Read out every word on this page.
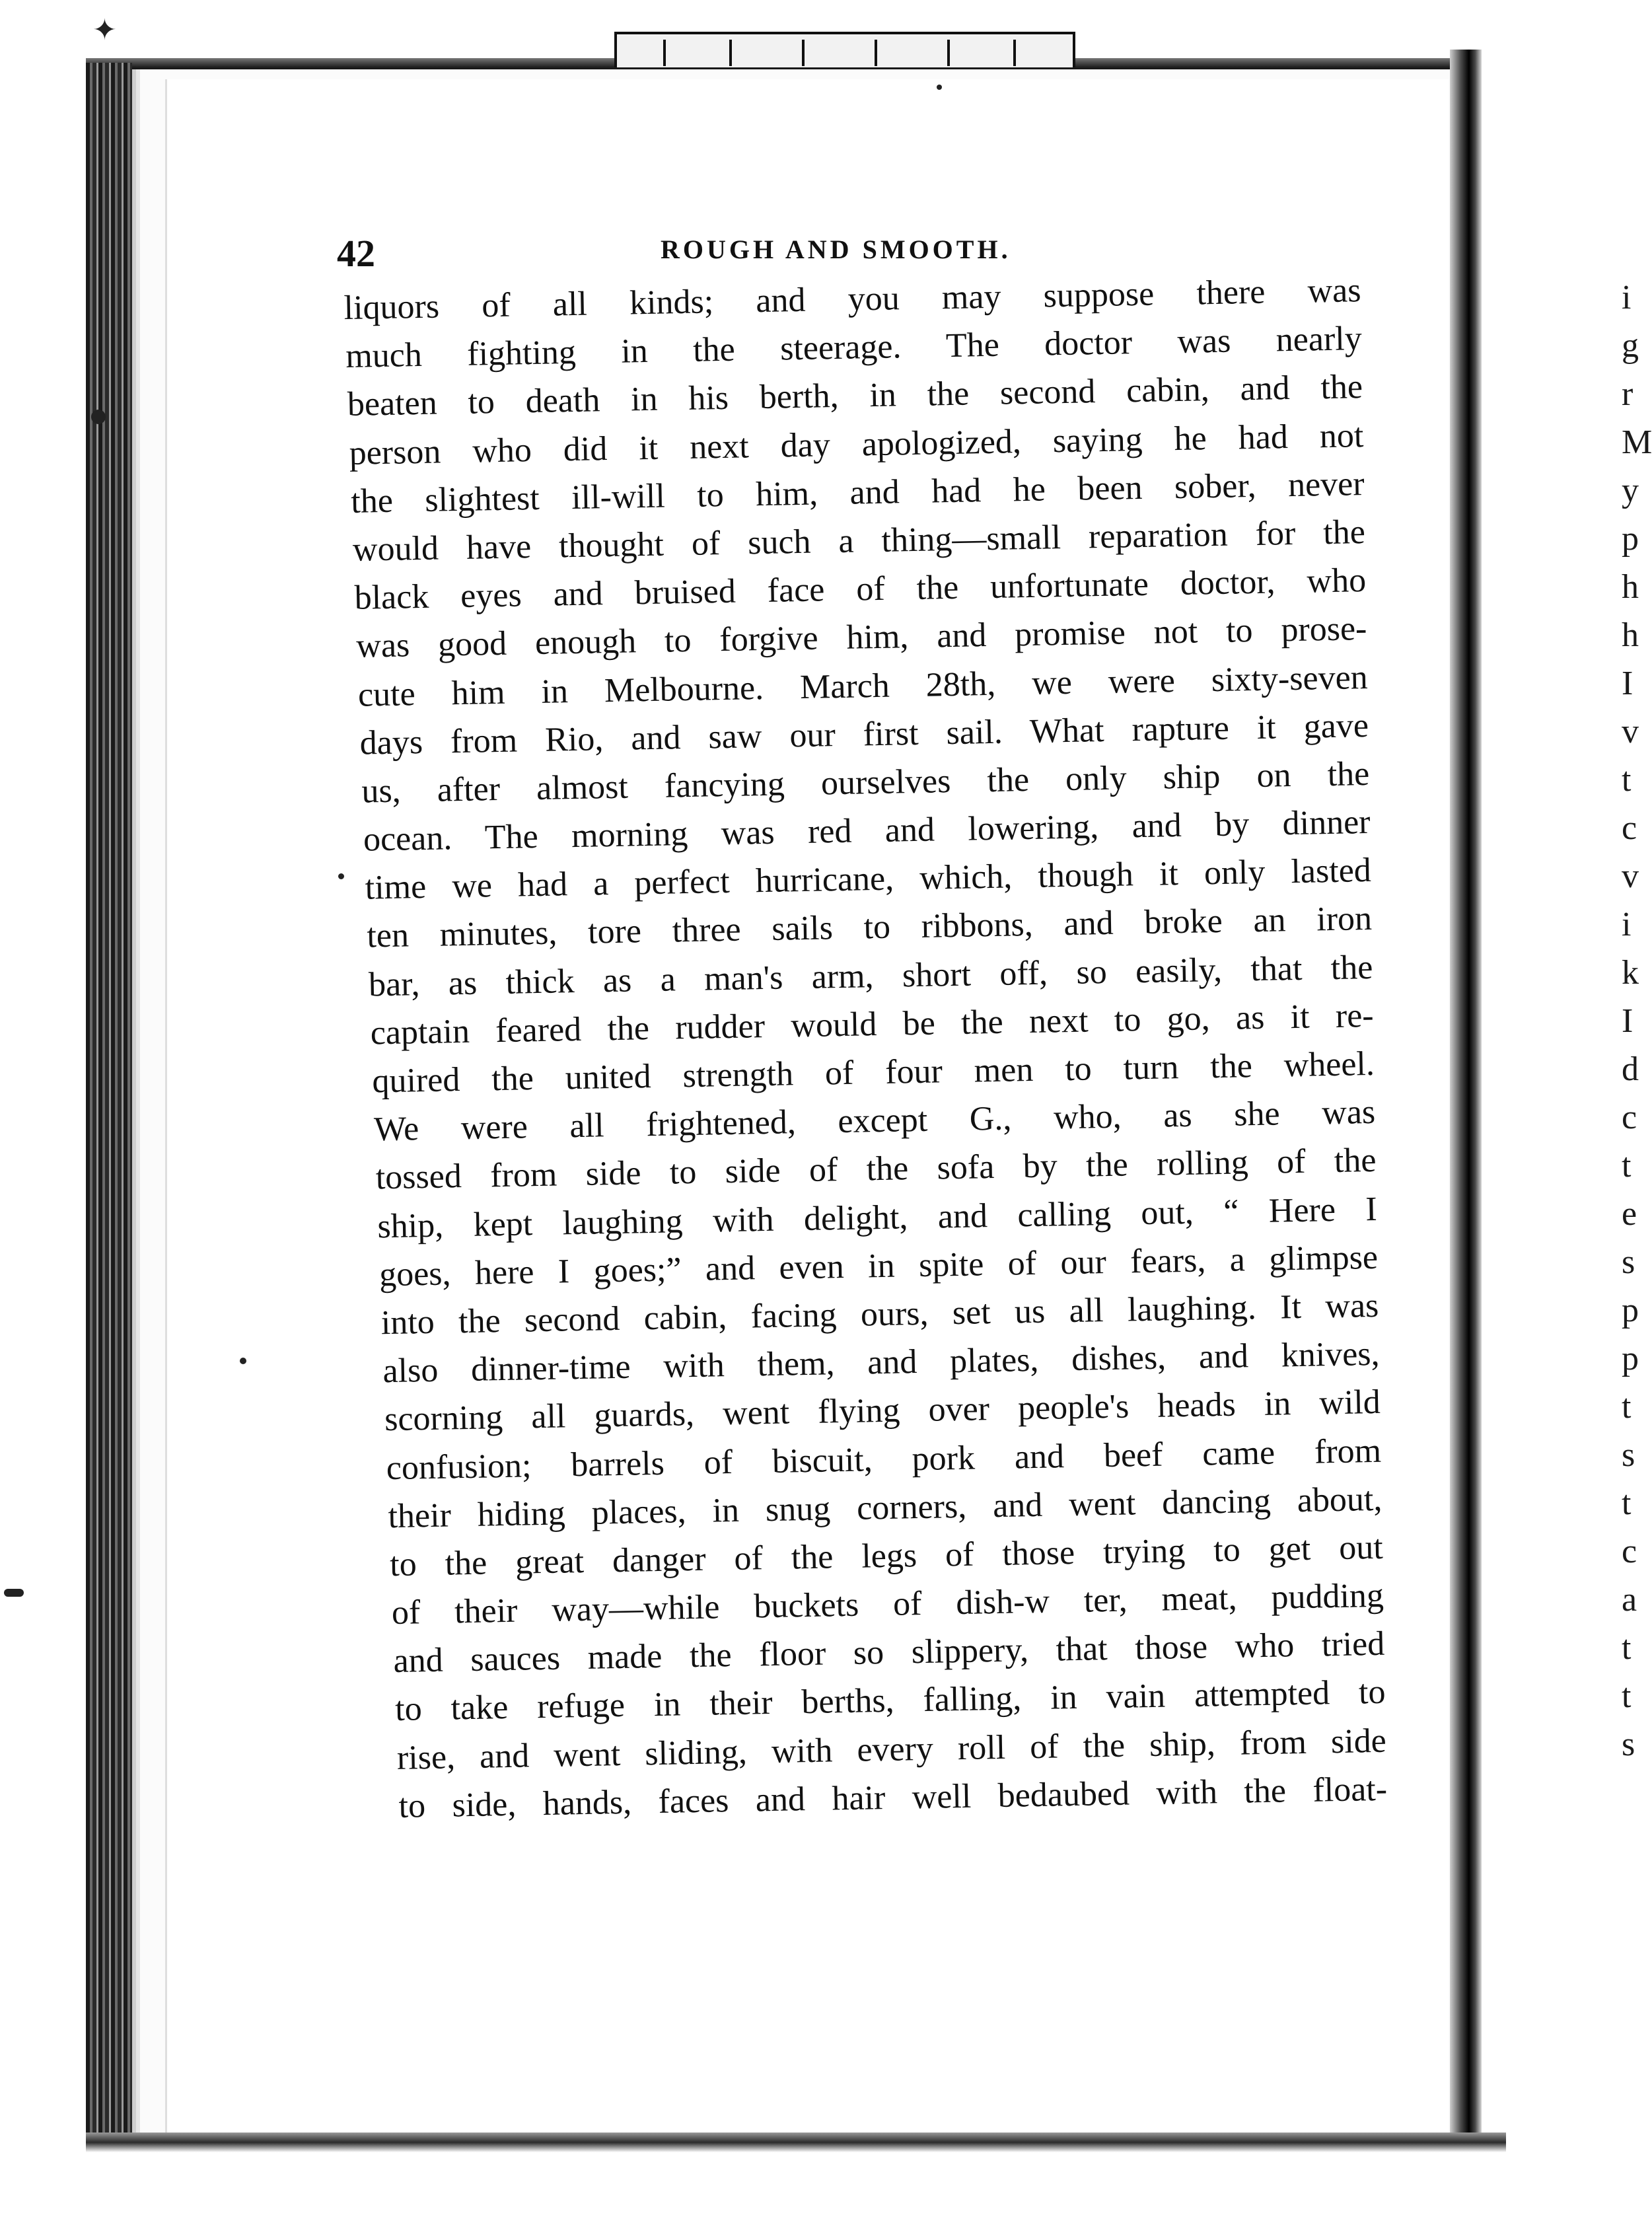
✦
42	ROUGH AND SMOOTH.
liquors of all kinds; and you may suppose there was
much fighting in the steerage. The doctor was nearly
beaten to death in his berth, in the second cabin, and the
person who did it next day apologized, saying he had not
the slightest ill-will to him, and had he been sober, never
would have thought of such a thing—small reparation for the
black eyes and bruised face of the unfortunate doctor, who
was good enough to forgive him, and promise not to prose-
cute him in Melbourne. March 28th, we were sixty-seven
days from Rio, and saw our first sail. What rapture it gave
us, after almost fancying ourselves the only ship on the
ocean. The morning was red and lowering, and by dinner
time we had a perfect hurricane, which, though it only lasted
ten minutes, tore three sails to ribbons, and broke an iron
bar, as thick as a man's arm, short off, so easily, that the
captain feared the rudder would be the next to go, as it re-
quired the united strength of four men to turn the wheel.
We were all frightened, except G., who, as she was
tossed from side to side of the sofa by the rolling of the
ship, kept laughing with delight, and calling out, “ Here I
goes, here I goes;” and even in spite of our fears, a glimpse
into the second cabin, facing ours, set us all laughing. It was
also dinner-time with them, and plates, dishes, and knives,
scorning all guards, went flying over people's heads in wild
confusion; barrels of biscuit, pork and beef came from
their hiding places, in snug corners, and went dancing about,
to the great danger of the legs of those trying to get out
of their way—while buckets of dish-w ter, meat, pudding
and sauces made the floor so slippery, that those who tried
to take refuge in their berths, falling, in vain attempted to
rise, and went sliding, with every roll of the ship, from side
to side, hands, faces and hair well bedaubed with the float-
i
g
r
M
y
p
h
h
I
v
t
c
v
i
k
I
d
c
t
e
s
p
p
t
s
t
c
a
t
t
s
